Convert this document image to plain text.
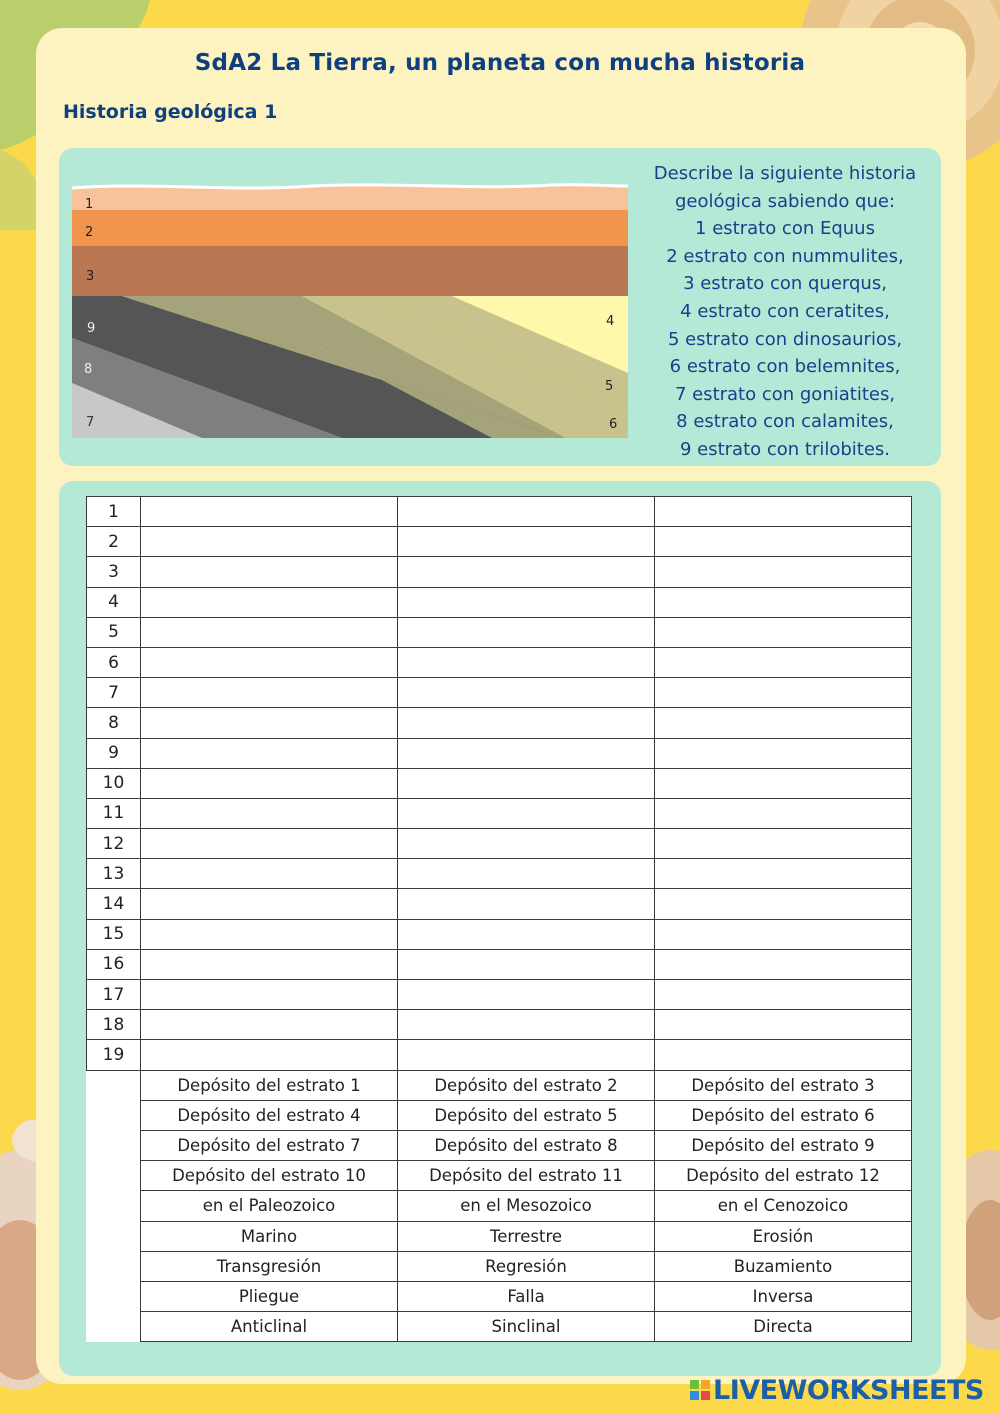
SdA2 La Tierra, un planeta con mucha historia
Historia geológica 1
1
2
3
4
5
6
7
8
9
Describe la siguiente historia
geológica sabiendo que:
1 estrato con Equus
2 estrato con nummulites,
3 estrato con querqus,
4 estrato con ceratites,
5 estrato con dinosaurios,
6 estrato con belemnites,
7 estrato con goniatites,
8 estrato con calamites,
9 estrato con trilobites.
1			
2			
3			
4			
5			
6			
7			
8			
9			
10			
11			
12			
13			
14			
15			
16			
17			
18			
19			
	Depósito del estrato 1	Depósito del estrato 2	Depósito del estrato 3
	Depósito del estrato 4	Depósito del estrato 5	Depósito del estrato 6
	Depósito del estrato 7	Depósito del estrato 8	Depósito del estrato 9
	Depósito del estrato 10	Depósito del estrato 11	Depósito del estrato 12
	en el Paleozoico	en el Mesozoico	en el Cenozoico
	Marino	Terrestre	Erosión
	Transgresión	Regresión	Buzamiento
	Pliegue	Falla	Inversa
	Anticlinal	Sinclinal	Directa
LIVEWORKSHEETS
